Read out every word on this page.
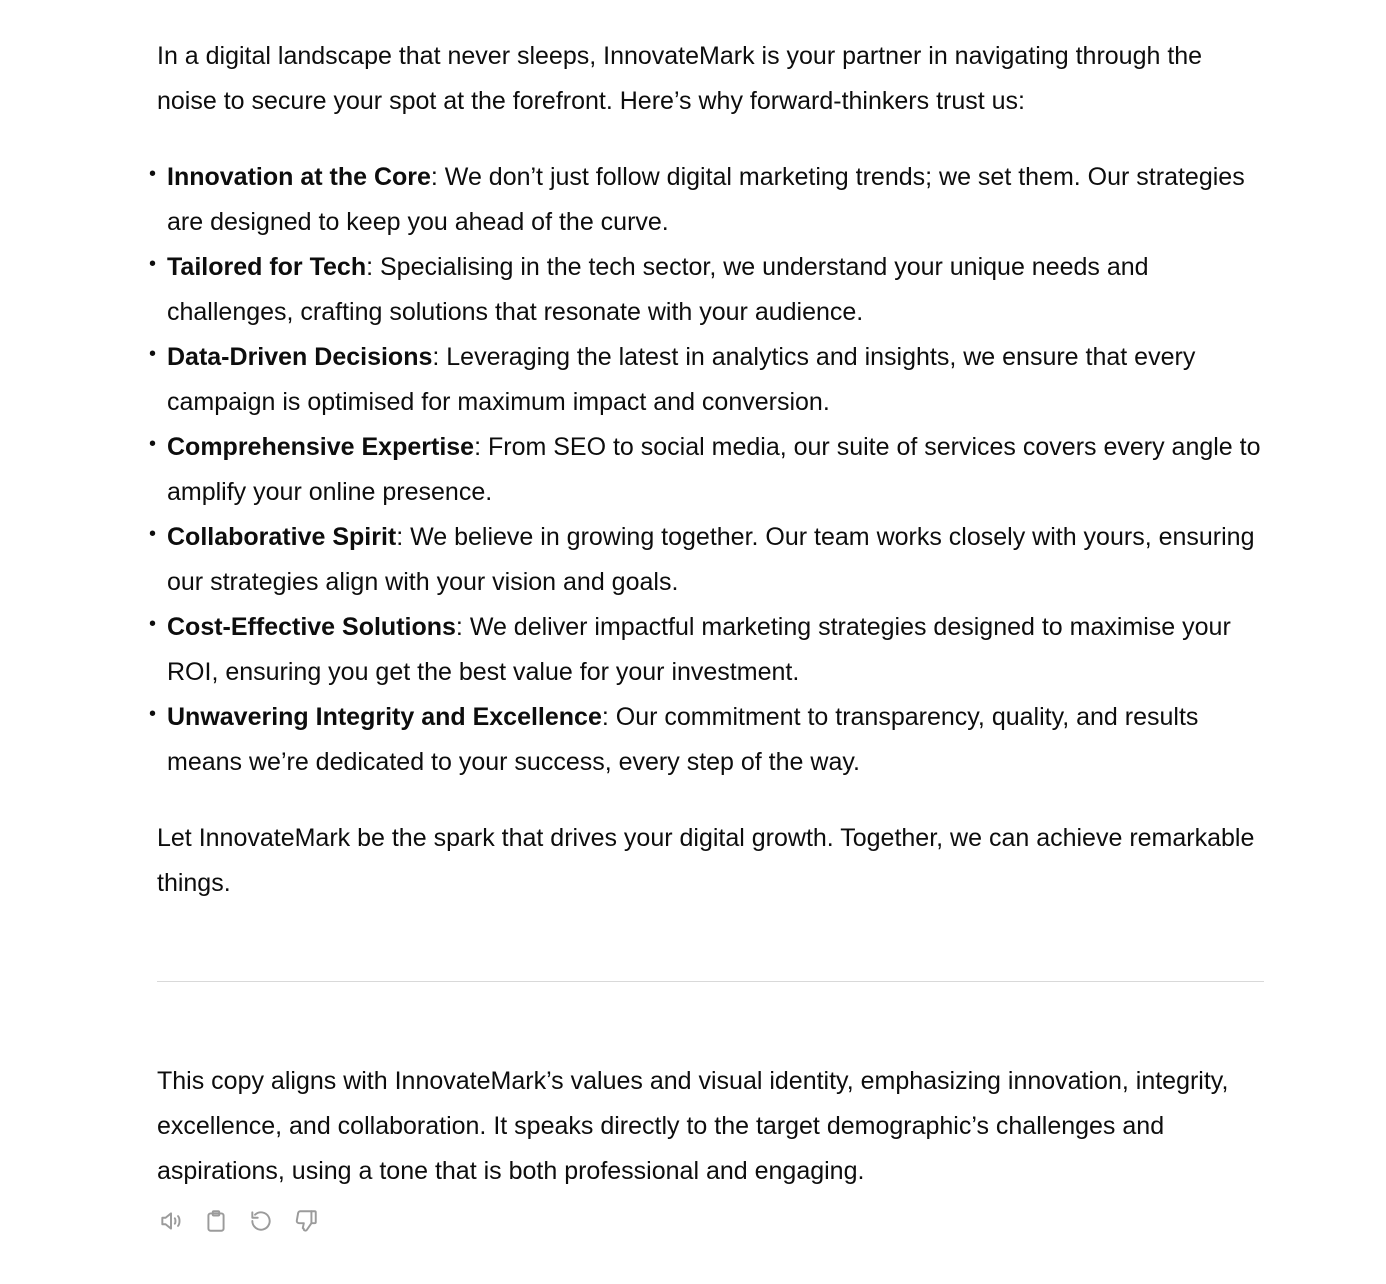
In a digital landscape that never sleeps, InnovateMark is your partner in navigating through the noise to secure your spot at the forefront. Here’s why forward-thinkers trust us:

• Innovation at the Core: We don’t just follow digital marketing trends; we set them. Our strategies are designed to keep you ahead of the curve.
• Tailored for Tech: Specialising in the tech sector, we understand your unique needs and challenges, crafting solutions that resonate with your audience.
• Data-Driven Decisions: Leveraging the latest in analytics and insights, we ensure that every campaign is optimised for maximum impact and conversion.
• Comprehensive Expertise: From SEO to social media, our suite of services covers every angle to amplify your online presence.
• Collaborative Spirit: We believe in growing together. Our team works closely with yours, ensuring our strategies align with your vision and goals.
• Cost-Effective Solutions: We deliver impactful marketing strategies designed to maximise your ROI, ensuring you get the best value for your investment.
• Unwavering Integrity and Excellence: Our commitment to transparency, quality, and results means we’re dedicated to your success, every step of the way.

Let InnovateMark be the spark that drives your digital growth. Together, we can achieve remarkable things.

This copy aligns with InnovateMark’s values and visual identity, emphasizing innovation, integrity, excellence, and collaboration. It speaks directly to the target demographic’s challenges and aspirations, using a tone that is both professional and engaging.
